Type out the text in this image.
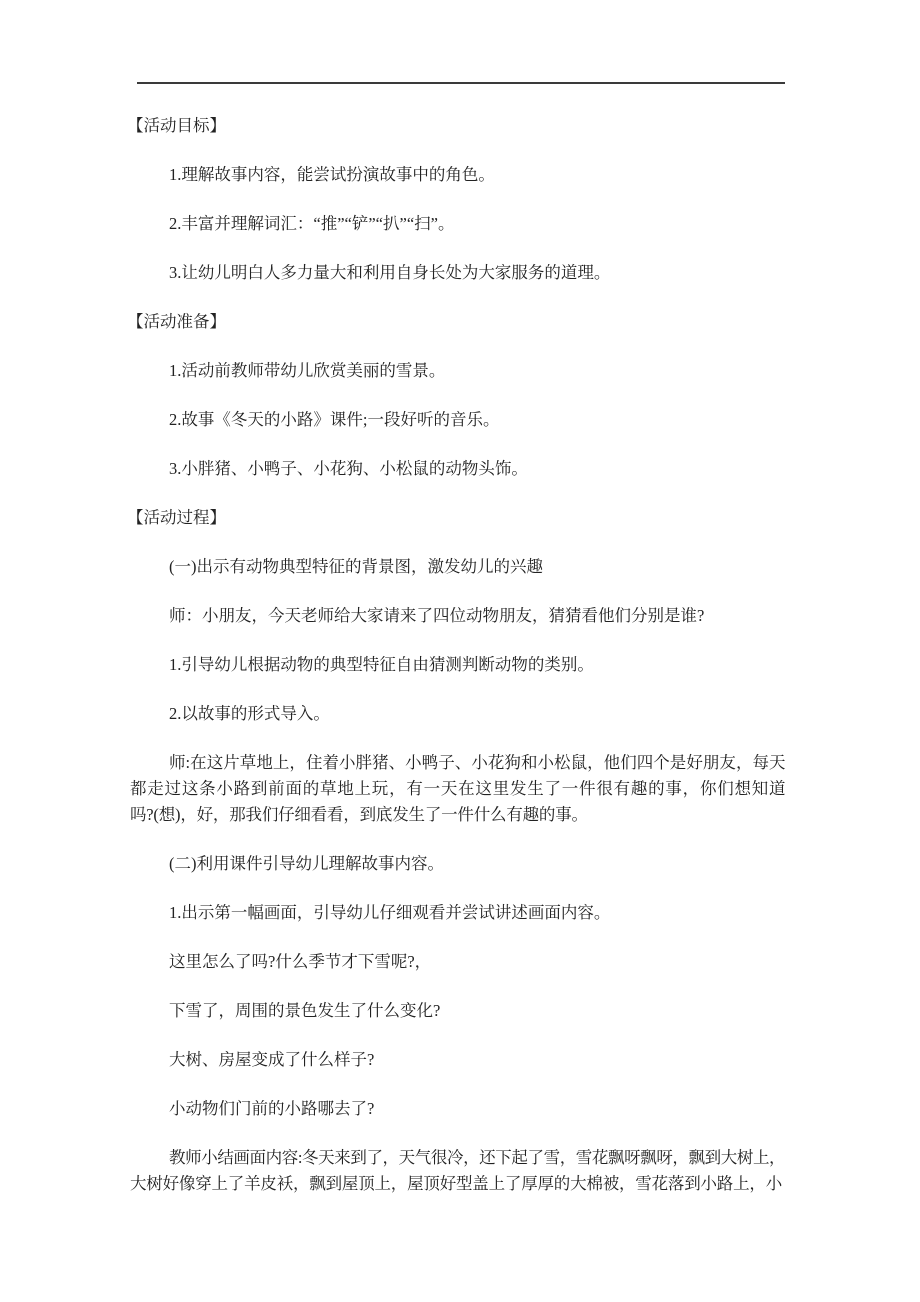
【活动目标】
1.理解故事内容，能尝试扮演故事中的角色。
2.丰富并理解词汇：“推”“铲”“扒”“扫”。
3.让幼儿明白人多力量大和利用自身长处为大家服务的道理。
【活动准备】
1.活动前教师带幼儿欣赏美丽的雪景。
2.故事《冬天的小路》课件;一段好听的音乐。
3.小胖猪、小鸭子、小花狗、小松鼠的动物头饰。
【活动过程】
(一)出示有动物典型特征的背景图，激发幼儿的兴趣
师：小朋友，今天老师给大家请来了四位动物朋友，猜猜看他们分别是谁?
1.引导幼儿根据动物的典型特征自由猜测判断动物的类别。
2.以故事的形式导入。
师:在这片草地上，住着小胖猪、小鸭子、小花狗和小松鼠，他们四个是好朋友，每天
都走过这条小路到前面的草地上玩，有一天在这里发生了一件很有趣的事，你们想知道
吗?(想)，好，那我们仔细看看，到底发生了一件什么有趣的事。
(二)利用课件引导幼儿理解故事内容。
1.出示第一幅画面，引导幼儿仔细观看并尝试讲述画面内容。
这里怎么了吗?什么季节才下雪呢?，
下雪了，周围的景色发生了什么变化?
大树、房屋变成了什么样子?
小动物们门前的小路哪去了?
教师小结画面内容:冬天来到了，天气很冷，还下起了雪，雪花飘呀飘呀，飘到大树上，
大树好像穿上了羊皮袄，飘到屋顶上，屋顶好型盖上了厚厚的大棉被，雪花落到小路上，小
